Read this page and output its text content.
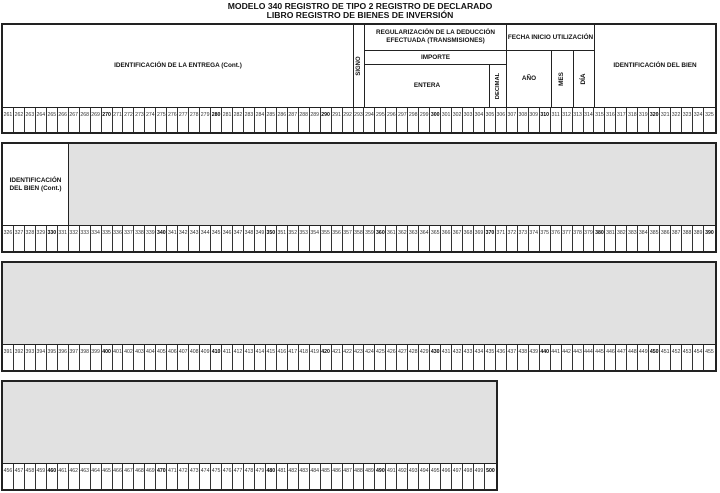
MODELO 340 REGISTRO DE TIPO 2 REGISTRO DE DECLARADO
LIBRO REGISTRO DE BIENES DE INVERSIÓN
IDENTIFICACIÓN DE LA ENTREGA (Cont.)	SIGNO
REGULARIZACIÓN DE LA DEDUCCIÓN EFECTUADA (TRANSMISIONES)
IMPORTE
ENTERA	DECIMAL
FECHA INICIO UTILIZACIÓN
AÑO	MES DÍA
IDENTIFICACIÓN DEL BIEN
261 262 263 264 265 266 267 268 269 270 271 272 273 274 275 276 277 278 279 280 281 282 283 284 285 286 287 288 289 290 291 292 293 294 295 296 297 298 299 300 301 302 303 304 305 306 307 308 309 310 311 312 313 314 315 316 317 318 319 320 321 322 323 324 325
IDENTIFICACIÓN DEL BIEN (Cont.)
326 327 328 329 330 331 332 333 334 335 336 337 338 339 340 341 342 343 344 345 346 347 348 349 350 351 352 353 354 355 356 357 358 359 360 361 362 363 364 365 366 367 368 369 370 371 372 373 374 375 376 377 378 379 380 381 382 383 384 385 386 387 388 389 390
391 392 393 394 395 396 397 398 399 400 401 402 403 404 405 406 407 408 409 410 411 412 413 414 415 416 417 418 419 420 421 422 423 424 425 426 427 428 429 430 431 432 433 434 435 436 437 438 439 440 441 442 443 444 445 446 447 448 449 450 451 452 453 454 455
456 457 458 459 460 461 462 463 464 465 466 467 468 469 470 471 472 473 474 475 476 477 478 479 480 481 482 483 484 485 486 487 488 489 490 491 492 493 494 495 496 497 498 499 500
